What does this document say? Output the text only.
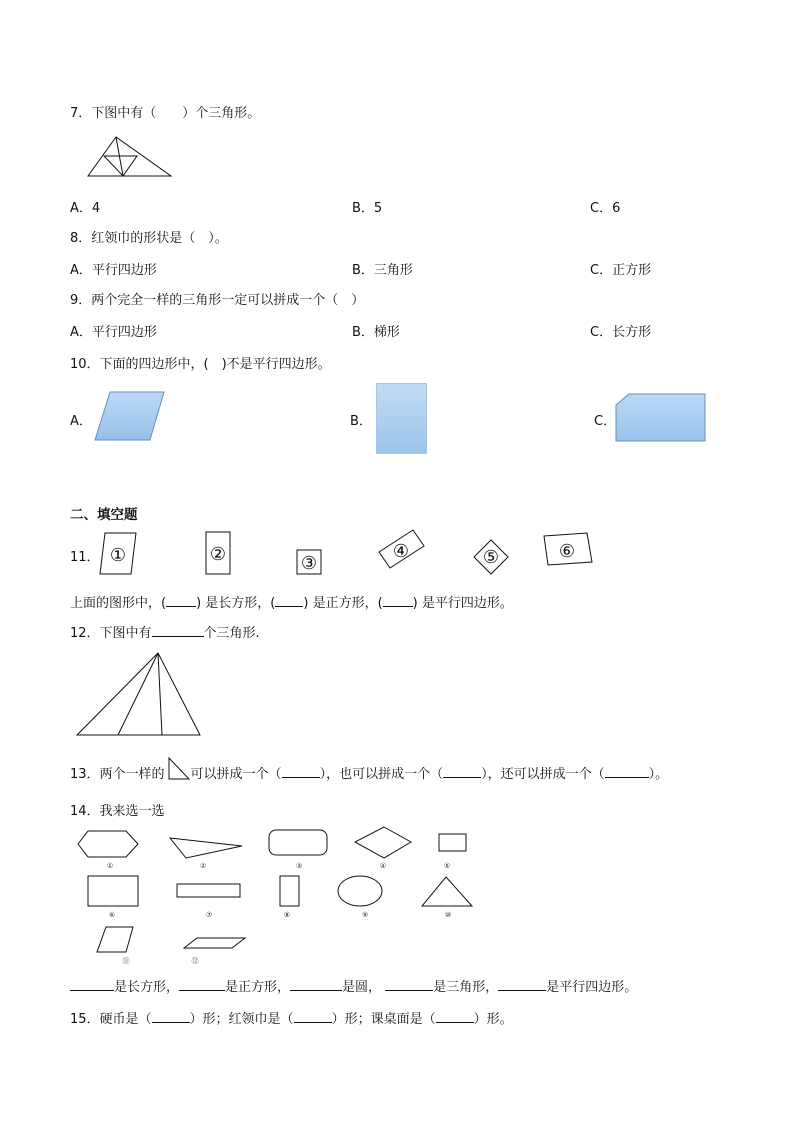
7．下图中有（　　）个三角形。
A．4	B．5	C．6
8．红领巾的形状是（　）。
A．平行四边形	B．三角形	C．正方形
9．两个完全一样的三角形一定可以拼成一个（　）
A．平行四边形	B．梯形	C．长方形
10．下面的四边形中，(　)不是平行四边形。
A．	B．	C．
二、填空题
11． ①	②	③
④	⑤	⑥
上面的图形中，( ) 是长方形，( ) 是正方形，( ) 是平行四边形。
12．下图中有	个三角形.
13．两个一样的 可以拼成一个（	），也可以拼成一个（	），还可以拼成一个（	）。
14．我来选一选
①	②	③	④	⑤
⑥	⑦	⑧	⑨	⑩
⑪	⑫
是长方形，	是正方形，	是圆，	是三角形，	是平行四边形。
15．硬币是（	）形；红领巾是（	）形；课桌面是（	）形。
